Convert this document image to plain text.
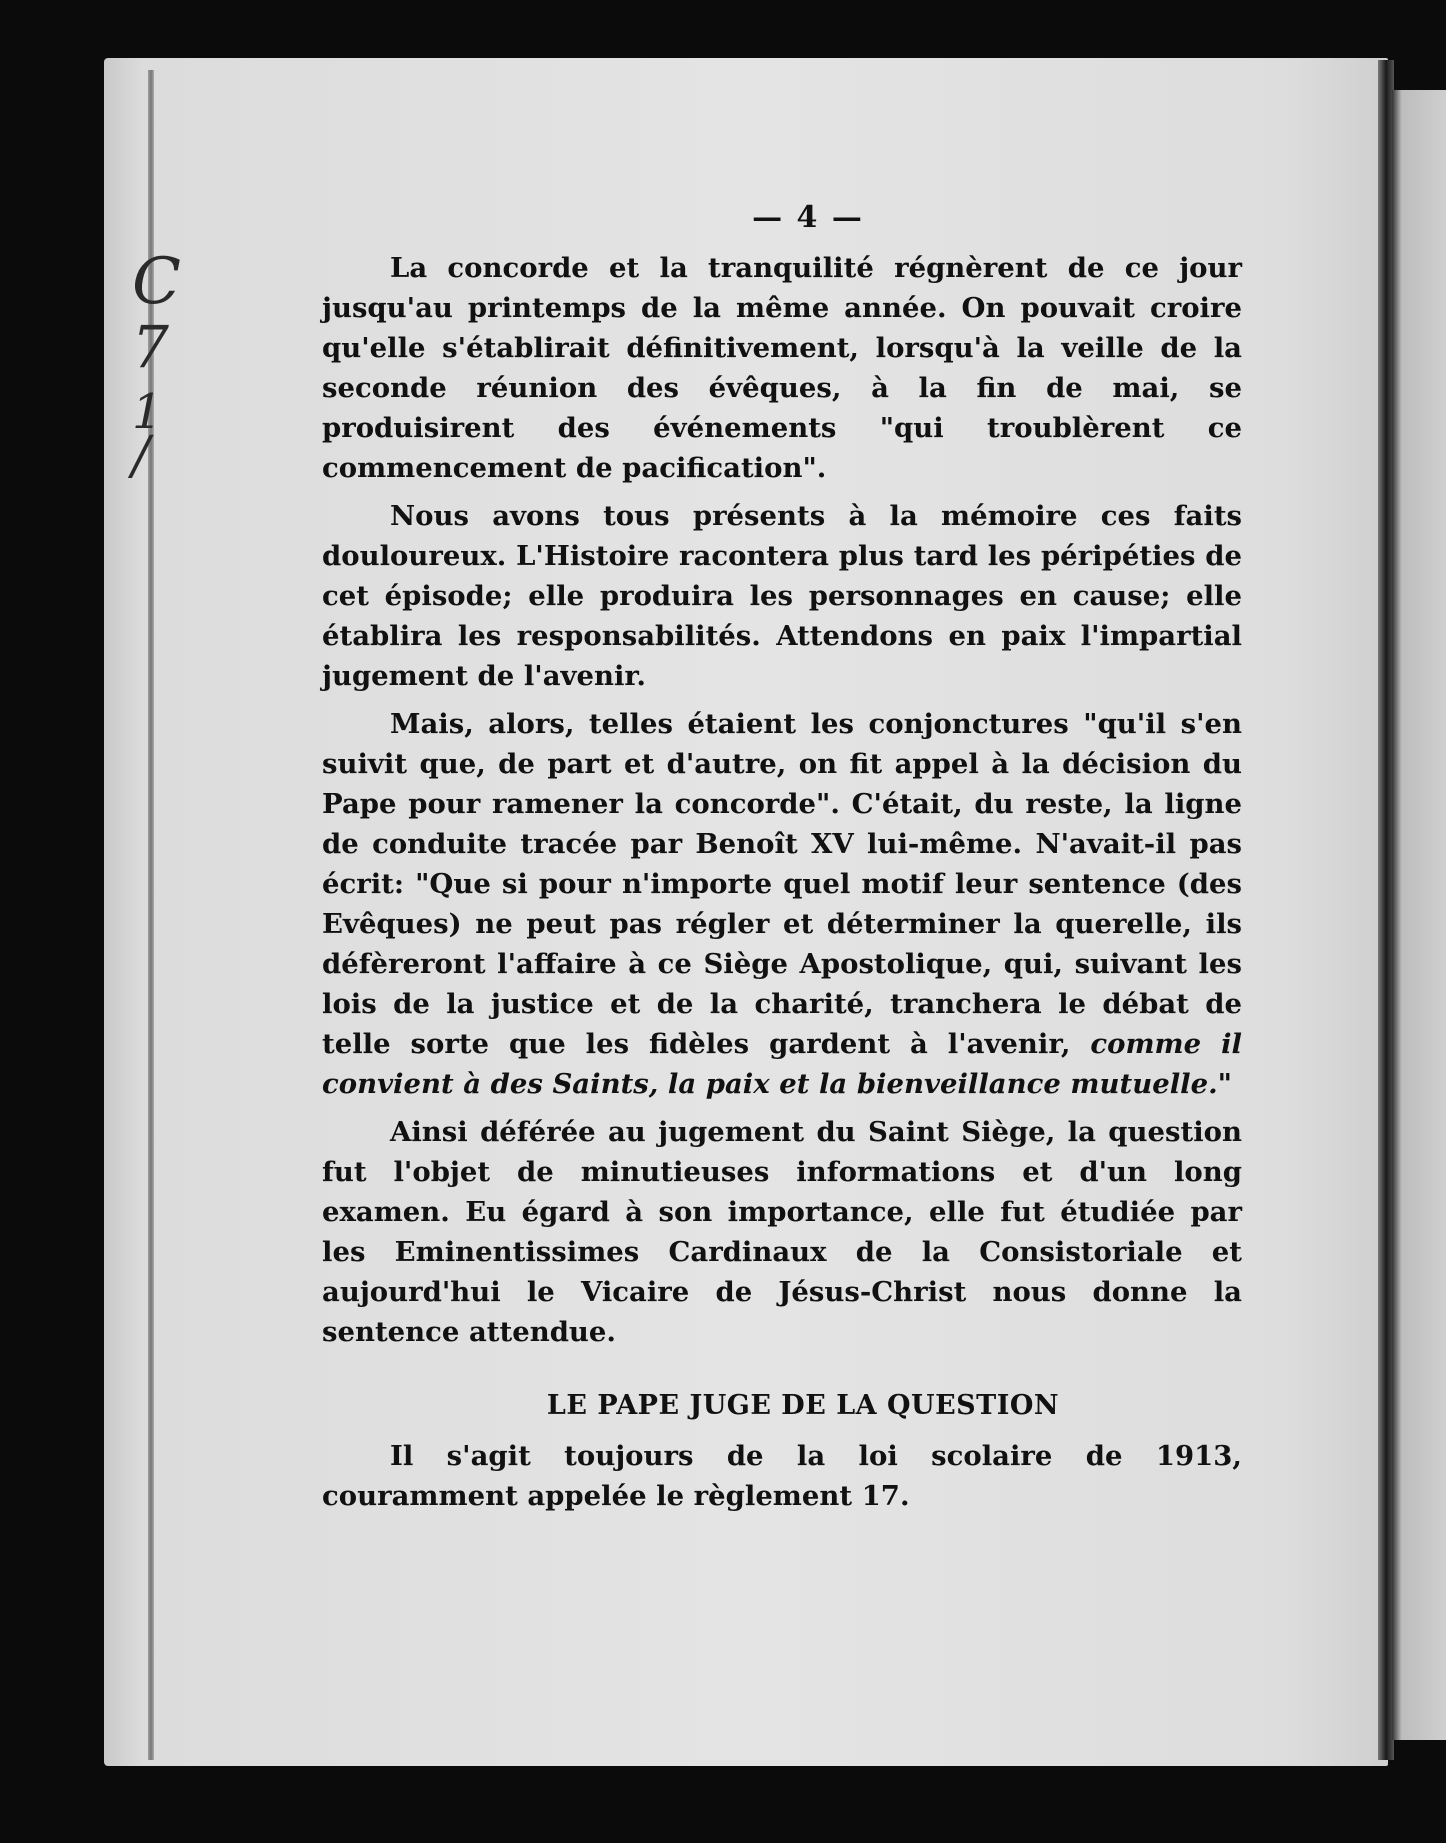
C
7
1
/
— 4 —

La concorde et la tranquilité régnèrent de ce jour jusqu'au printemps de la même année. On pouvait croire qu'elle s'établirait définitivement, lorsqu'à la veille de la seconde réunion des évêques, à la fin de mai, se produisirent des événements "qui troublèrent ce commencement de pacification".

Nous avons tous présents à la mémoire ces faits douloureux. L'Histoire racontera plus tard les péripéties de cet épisode; elle produira les personnages en cause; elle établira les responsabilités. Attendons en paix l'impartial jugement de l'avenir.

Mais, alors, telles étaient les conjonctures "qu'il s'en suivit que, de part et d'autre, on fit appel à la décision du Pape pour ramener la concorde". C'était, du reste, la ligne de conduite tracée par Benoît XV lui-même. N'avait-il pas écrit: "Que si pour n'importe quel motif leur sentence (des Evêques) ne peut pas régler et déterminer la querelle, ils défèreront l'affaire à ce Siège Apostolique, qui, suivant les lois de la justice et de la charité, tranchera le débat de telle sorte que les fidèles gardent à l'avenir, comme il convient à des Saints, la paix et la bienveillance mutuelle."

Ainsi déférée au jugement du Saint Siège, la question fut l'objet de minutieuses informations et d'un long examen. Eu égard à son importance, elle fut étudiée par les Eminentissimes Cardinaux de la Consistoriale et aujourd'hui le Vicaire de Jésus-Christ nous donne la sentence attendue.

LE PAPE JUGE DE LA QUESTION

Il s'agit toujours de la loi scolaire de 1913, couramment appelée le règlement 17.
